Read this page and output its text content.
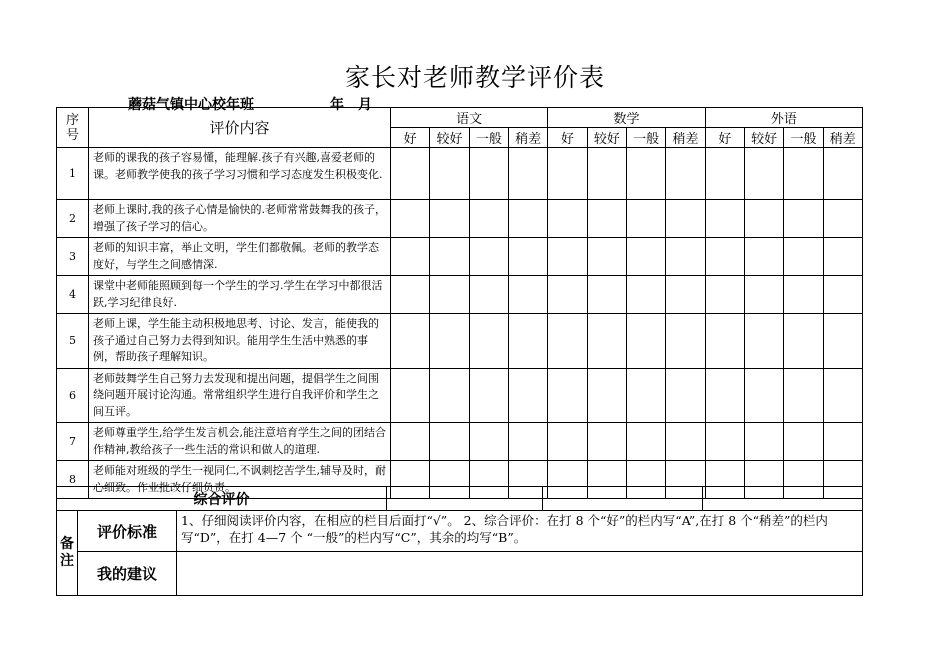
家长对老师教学评价表
蘑菇气镇中心校年班	年 月
序号	评价内容	语文				数学				外语			
		好	较好	一般	稍差	好	较好	一般	稍差	好	较好	一般	稍差
1	老师的课我的孩子容易懂，能理解.孩子有兴趣,喜爱老师的课。老师教学使我的孩子学习习惯和学习态度发生积极变化.												
2	老师上课时,我的孩子心情是愉快的.老师常常鼓舞我的孩子，增强了孩子学习的信心。												
3	老师的知识丰富，举止文明，学生们都敬佩。老师的教学态度好，与学生之间感情深.												
4	课堂中老师能照顾到每一个学生的学习.学生在学习中都很活跃,学习纪律良好.												
5	老师上课，学生能主动积极地思考、讨论、发言，能使我的孩子通过自己努力去得到知识。能用学生生活中熟悉的事例，帮助孩子理解知识。												
6	老师鼓舞学生自己努力去发现和提出问题，提倡学生之间围绕问题开展讨论沟通。常常组织学生进行自我评价和学生之间互评。												
7	老师尊重学生,给学生发言机会,能注意培育学生之间的团结合作精神,教给孩子一些生活的常识和做人的道理.												
8	老师能对班级的学生一视同仁,不讽刺挖苦学生,辅导及时，耐心细致。作业批改仔细负责。												
综合评价					
备注	评价标准	1、仔细阅读评价内容，在相应的栏目后面打“√”。 2、综合评价：在打 8 个“好”的栏内写“A”,在打 8 个“稍差”的栏内写“D”，在打 4—7 个 “一般”的栏内写“C”，其余的均写“B”。			
	我的建议				
